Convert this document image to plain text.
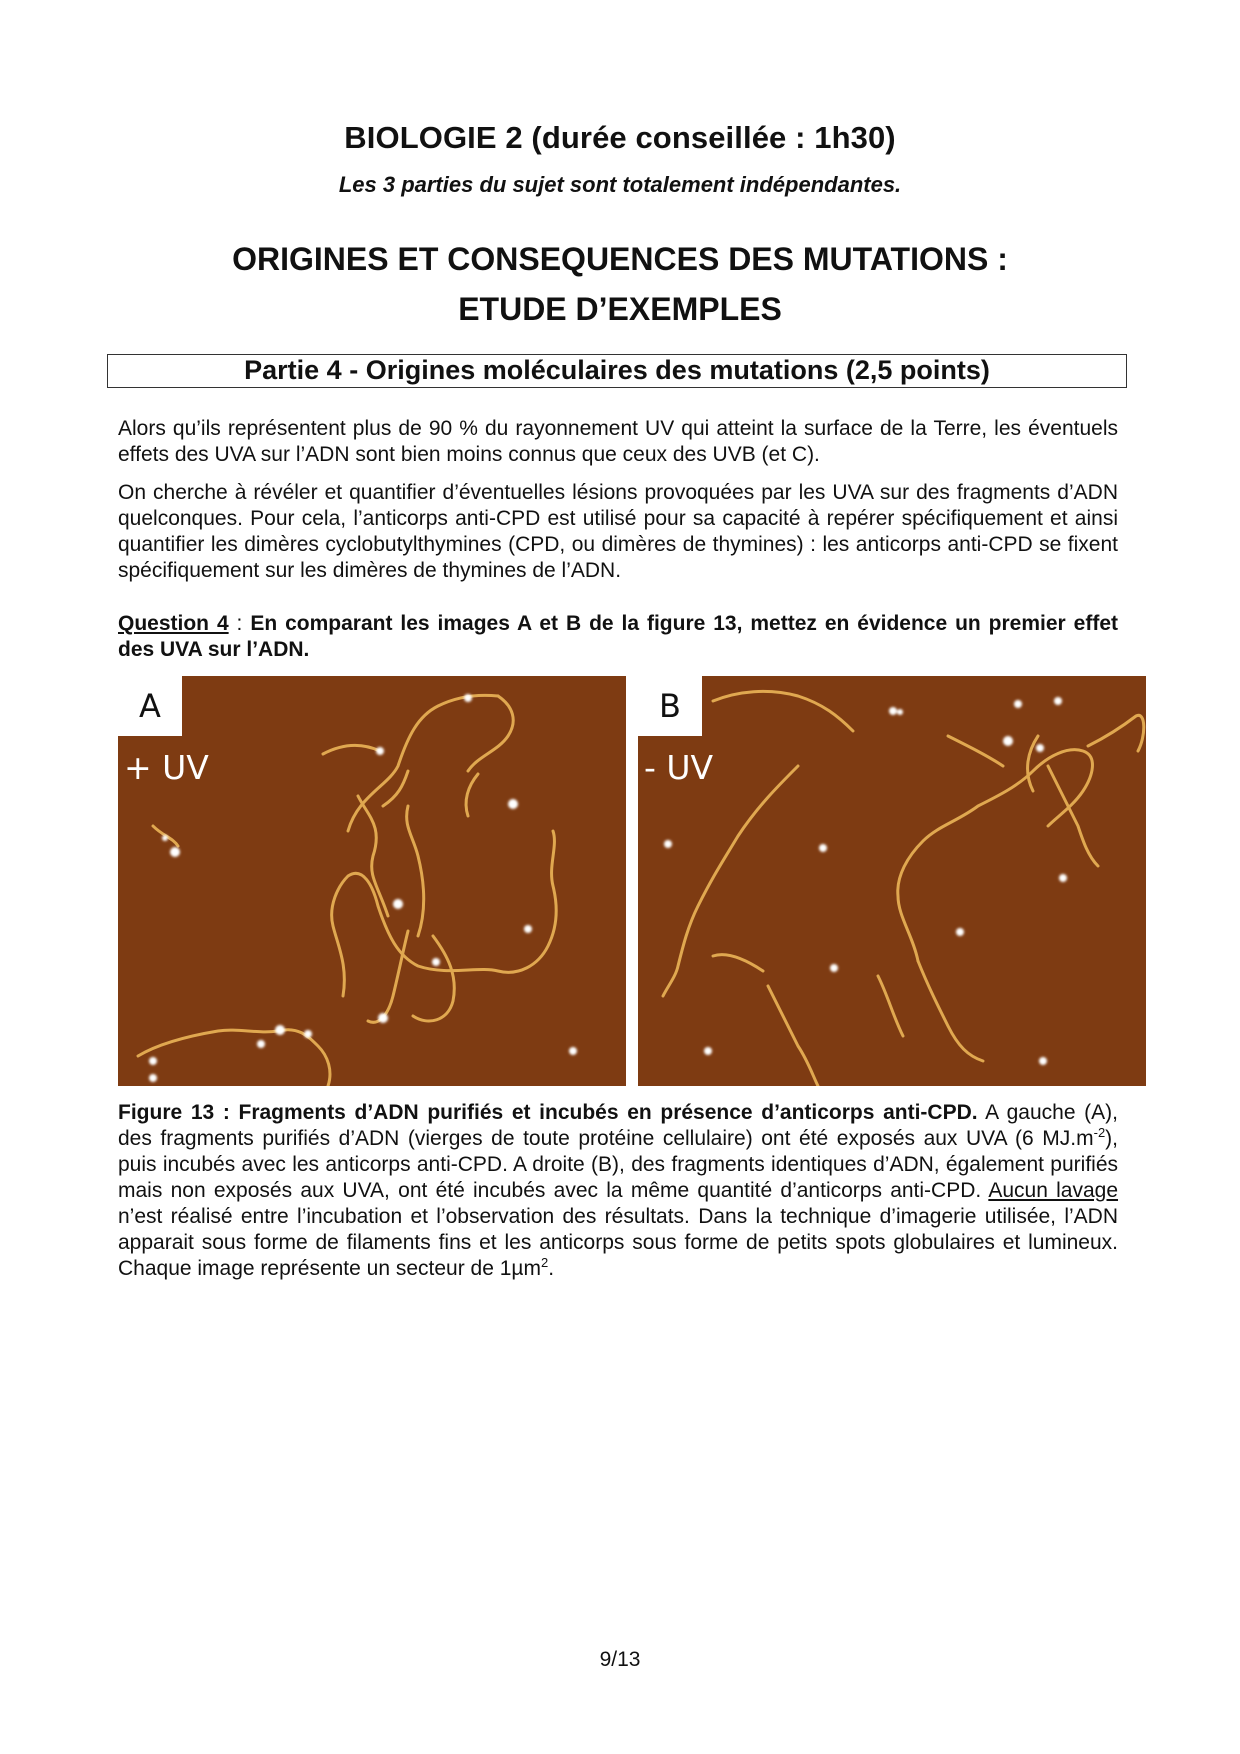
BIOLOGIE 2 (durée conseillée : 1h30)
Les 3 parties du sujet sont totalement indépendantes.
ORIGINES ET CONSEQUENCES DES MUTATIONS :
ETUDE D’EXEMPLES
Partie 4 - Origines moléculaires des mutations (2,5 points)

Alors qu’ils représentent plus de 90 % du rayonnement UV qui atteint la surface de la Terre, les éventuels effets des UVA sur l’ADN sont bien moins connus que ceux des UVB (et C).

On cherche à révéler et quantifier d’éventuelles lésions provoquées par les UVA sur des fragments d’ADN quelconques. Pour cela, l’anticorps anti-CPD est utilisé pour sa capacité à repérer spécifiquement et ainsi quantifier les dimères cyclobutylthymines (CPD, ou dimères de thymines) : les anticorps anti-CPD se fixent spécifiquement sur les dimères de thymines de l’ADN.

Question 4 : En comparant les images A et B de la figure 13, mettez en évidence un premier effet des UVA sur l’ADN.

A
+ UV
B
- UV

Figure 13 : Fragments d’ADN purifiés et incubés en présence d’anticorps anti-CPD. A gauche (A), des fragments purifiés d’ADN (vierges de toute protéine cellulaire) ont été exposés aux UVA (6 $MJ.m^{-2}$), puis incubés avec les anticorps anti-CPD. A droite (B), des fragments identiques d’ADN, également purifiés mais non exposés aux UVA, ont été incubés avec la même quantité d’anticorps anti-CPD. Aucun lavage n’est réalisé entre l’incubation et l’observation des résultats. Dans la technique d’imagerie utilisée, l’ADN apparait sous forme de filaments fins et les anticorps sous forme de petits spots globulaires et lumineux. Chaque image représente un secteur de 1µm$^2$.

9/13
